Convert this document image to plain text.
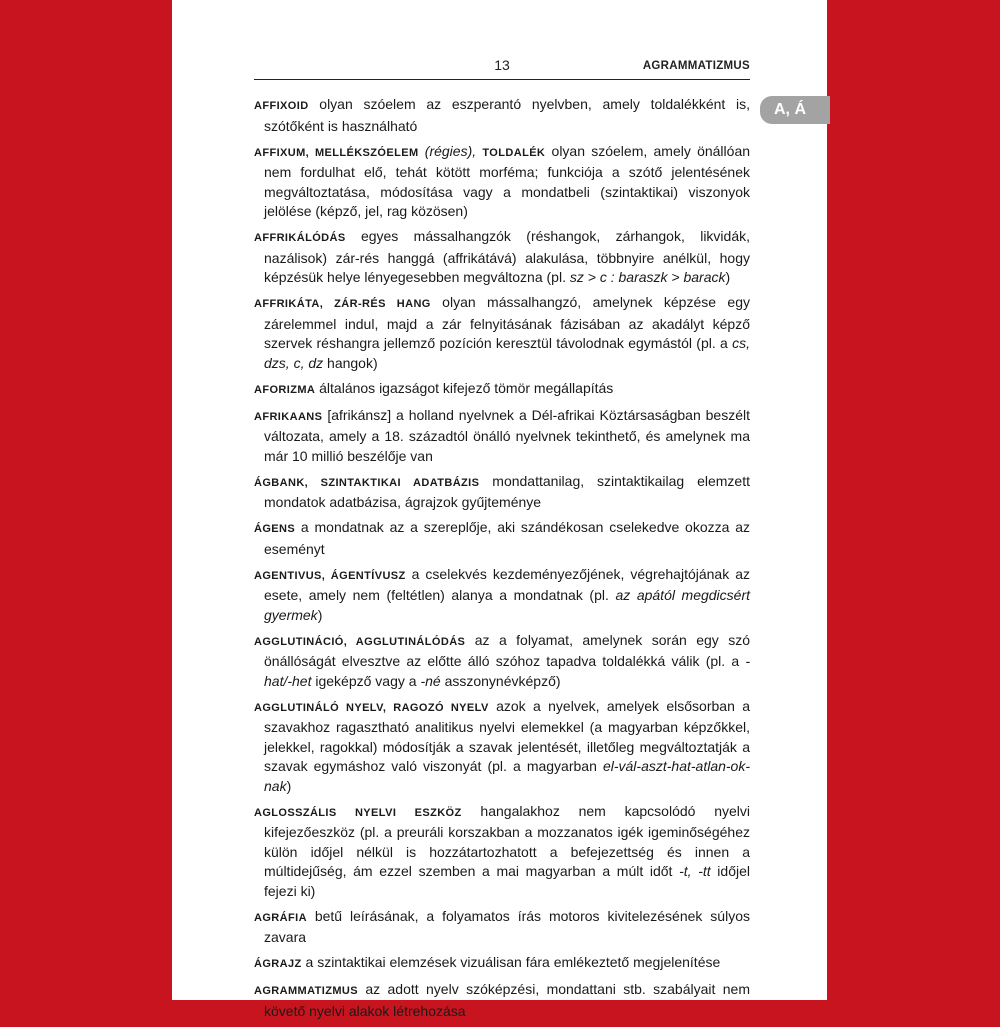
13	AGRAMMATIZMUS

AFFIXOID olyan szóelem az eszperantó nyelvben, amely toldalékként is, szótőként is használható

AFFIXUM, MELLÉKSZÓELEM (régies), TOLDALÉK olyan szóelem, amely önállóan nem fordulhat elő, tehát kötött morféma; funkciója a szótő jelentésének megváltoztatása, módosítása vagy a mondatbeli (szintaktikai) viszonyok jelölése (képző, jel, rag közösen)

AFFRIKÁLÓDÁS egyes mássalhangzók (réshangok, zárhangok, likvidák, nazálisok) zár-rés hanggá (affrikátává) alakulása, többnyire anélkül, hogy képzésük helye lényegesebben megváltozna (pl. sz > c : baraszk > barack)

AFFRIKÁTA, ZÁR-RÉS HANG olyan mássalhangzó, amelynek képzése egy zárelemmel indul, majd a zár felnyitásának fázisában az akadályt képző szervek réshangra jellemző pozíción keresztül távolodnak egymástól (pl. a cs, dzs, c, dz hangok)

AFORIZMA általános igazságot kifejező tömör megállapítás

AFRIKAANS [afrikánsz] a holland nyelvnek a Dél-afrikai Köztársaságban beszélt változata, amely a 18. századtól önálló nyelvnek tekinthető, és amelynek ma már 10 millió beszélője van

ÁGBANK, SZINTAKTIKAI ADATBÁZIS mondattanilag, szintaktikailag elemzett mondatok adatbázisa, ágrajzok gyűjteménye

ÁGENS a mondatnak az a szereplője, aki szándékosan cselekedve okozza az eseményt

AGENTIVUS, ÁGENTÍVUSZ a cselekvés kezdeményezőjének, végrehajtójának az esete, amely nem (feltétlen) alanya a mondatnak (pl. az apától megdicsért gyermek)

AGGLUTINÁCIÓ, AGGLUTINÁLÓDÁS az a folyamat, amelynek során egy szó önállóságát elvesztve az előtte álló szóhoz tapadva toldalékká válik (pl. a -hat/-het igeképző vagy a -né asszonynévképző)

AGGLUTINÁLÓ NYELV, RAGOZÓ NYELV azok a nyelvek, amelyek elsősorban a szavakhoz ragasztható analitikus nyelvi elemekkel (a magyarban képzőkkel, jelekkel, ragokkal) módosítják a szavak jelentését, illetőleg megváltoztatják a szavak egymáshoz való viszonyát (pl. a magyarban el-vál-aszt-hat-atlan-ok-nak)

AGLOSSZÁLIS NYELVI ESZKÖZ hangalakhoz nem kapcsolódó nyelvi kifejezőeszköz (pl. a preuráli korszakban a mozzanatos igék igeminőségéhez külön időjel nélkül is hozzátartozhatott a befejezettség és innen a múltidejűség, ám ezzel szemben a mai magyarban a múlt időt -t, -tt időjel fejezi ki)

AGRÁFIA betű leírásának, a folyamatos írás motoros kivitelezésének súlyos zavara

ÁGRAJZ a szintaktikai elemzések vizuálisan fára emlékeztető megjelenítése

AGRAMMATIZMUS az adott nyelv szóképzési, mondattani stb. szabályait nem követő nyelvi alakok létrehozása

A, Á
